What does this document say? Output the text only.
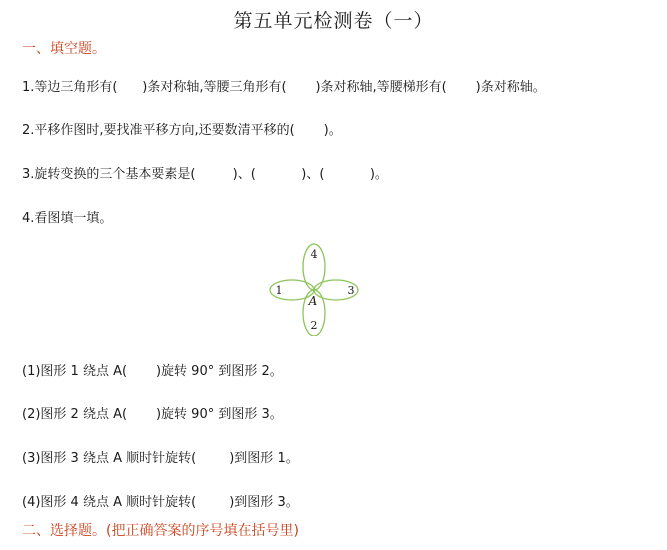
第五单元检测卷（一）
一、填空题。
1.等边三角形有(      )条对称轴,等腰三角形有(       )条对称轴,等腰梯形有(       )条对称轴。
2.平移作图时,要找准平移方向,还要数清平移的(       )。
3.旋转变换的三个基本要素是(         )、(           )、(           )。
4.看图填一填。
4
1	3
2
A
(1)图形 1 绕点 A(       )旋转 90° 到图形 2。
(2)图形 2 绕点 A(       )旋转 90° 到图形 3。
(3)图形 3 绕点 A 顺时针旋转(        )到图形 1。
(4)图形 4 绕点 A 顺时针旋转(        )到图形 3。
二、选择题。(把正确答案的序号填在括号里)
